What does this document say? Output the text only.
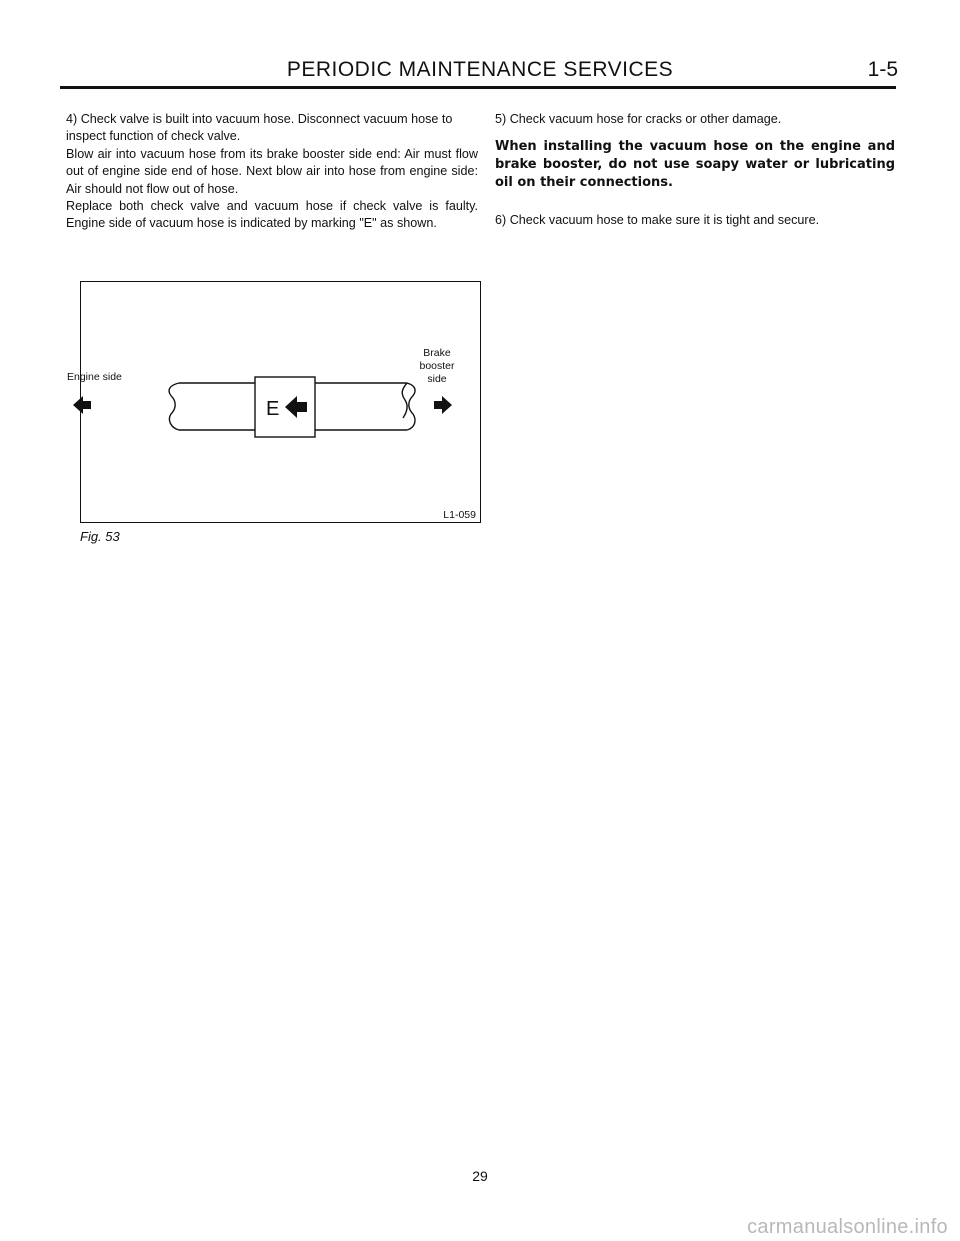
PERIODIC MAINTENANCE SERVICES	1-5

4) Check valve is built into vacuum hose. Disconnect vacuum hose to inspect function of check valve.

Blow air into vacuum hose from its brake booster side end: Air must flow out of engine side end of hose. Next blow air into hose from engine side: Air should not flow out of hose.

Replace both check valve and vacuum hose if check valve is faulty. Engine side of vacuum hose is indicated by marking "E" as shown.

5) Check vacuum hose for cracks or other damage.

When installing the vacuum hose on the engine and brake booster, do not use soapy water or lubricating oil on their connections.

6) Check vacuum hose to make sure it is tight and secure.

Engine side
Brake
booster
side
E
L1-059
Fig. 53
29
carmanualsonline.info
